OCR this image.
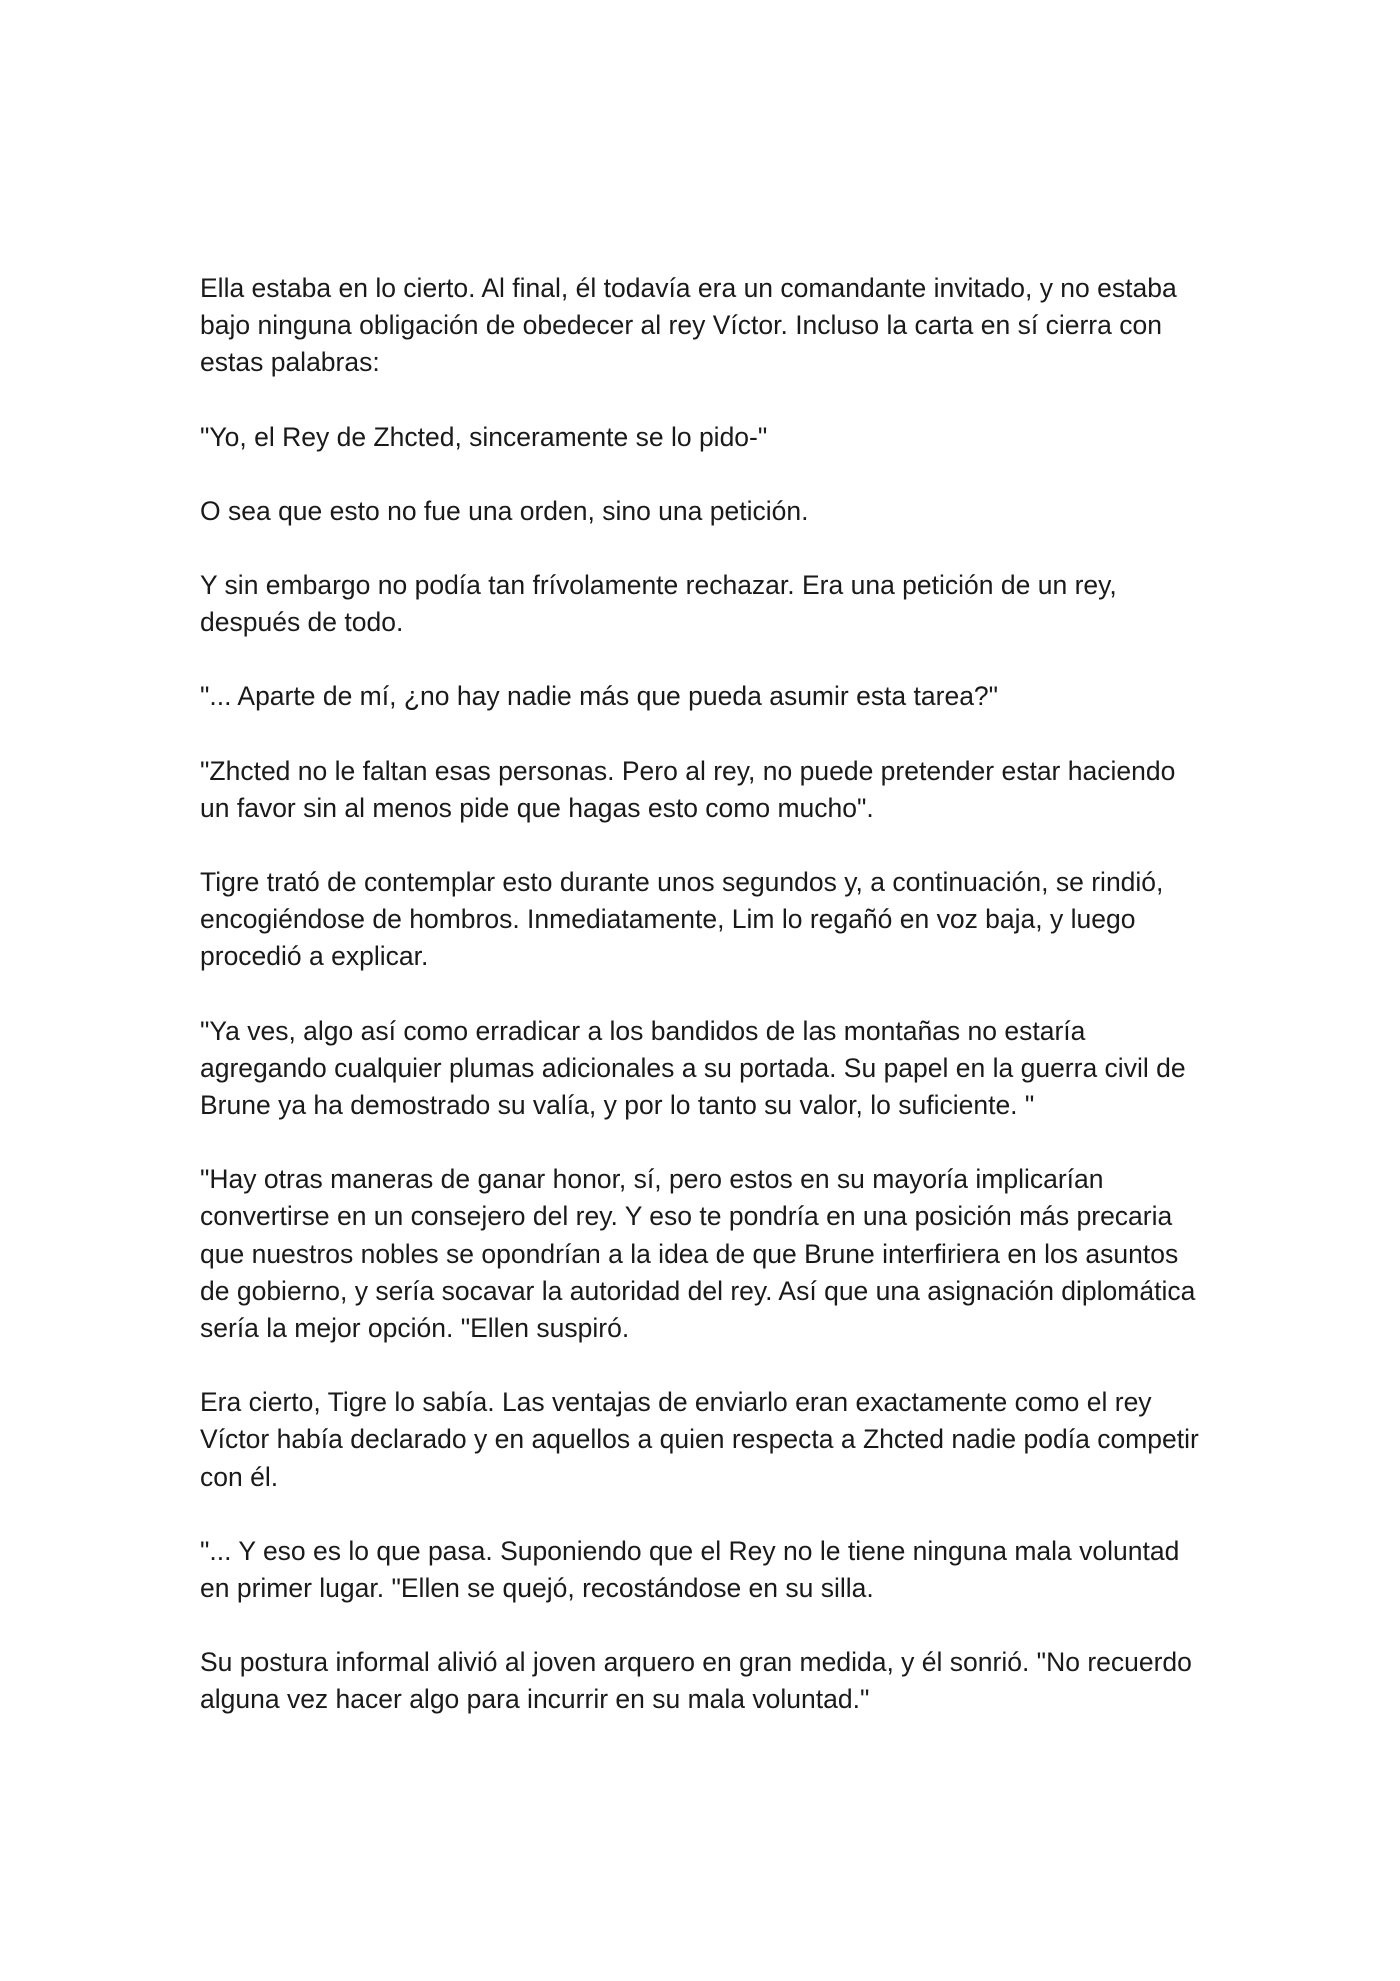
Ella estaba en lo cierto. Al final, él todavía era un comandante invitado, y no estaba bajo ninguna obligación de obedecer al rey Víctor. Incluso la carta en sí cierra con estas palabras:

"Yo, el Rey de Zhcted, sinceramente se lo pido-"

O sea que esto no fue una orden, sino una petición.

Y sin embargo no podía tan frívolamente rechazar. Era una petición de un rey, después de todo.

"... Aparte de mí, ¿no hay nadie más que pueda asumir esta tarea?"

"Zhcted no le faltan esas personas. Pero al rey, no puede pretender estar haciendo un favor sin al menos pide que hagas esto como mucho".

Tigre trató de contemplar esto durante unos segundos y, a continuación, se rindió, encogiéndose de hombros. Inmediatamente, Lim lo regañó en voz baja, y luego procedió a explicar.

"Ya ves, algo así como erradicar a los bandidos de las montañas no estaría agregando cualquier plumas adicionales a su portada. Su papel en la guerra civil de Brune ya ha demostrado su valía, y por lo tanto su valor, lo suficiente. "

"Hay otras maneras de ganar honor, sí, pero estos en su mayoría implicarían convertirse en un consejero del rey. Y eso te pondría en una posición más precaria que nuestros nobles se opondrían a la idea de que Brune interfiriera en los asuntos de gobierno, y sería socavar la autoridad del rey. Así que una asignación diplomática sería la mejor opción. "Ellen suspiró.

Era cierto, Tigre lo sabía. Las ventajas de enviarlo eran exactamente como el rey Víctor había declarado y en aquellos a quien respecta a Zhcted nadie podía competir con él.

"... Y eso es lo que pasa. Suponiendo que el Rey no le tiene ninguna mala voluntad en primer lugar. "Ellen se quejó, recostándose en su silla.

Su postura informal alivió al joven arquero en gran medida, y él sonrió. "No recuerdo alguna vez hacer algo para incurrir en su mala voluntad."
